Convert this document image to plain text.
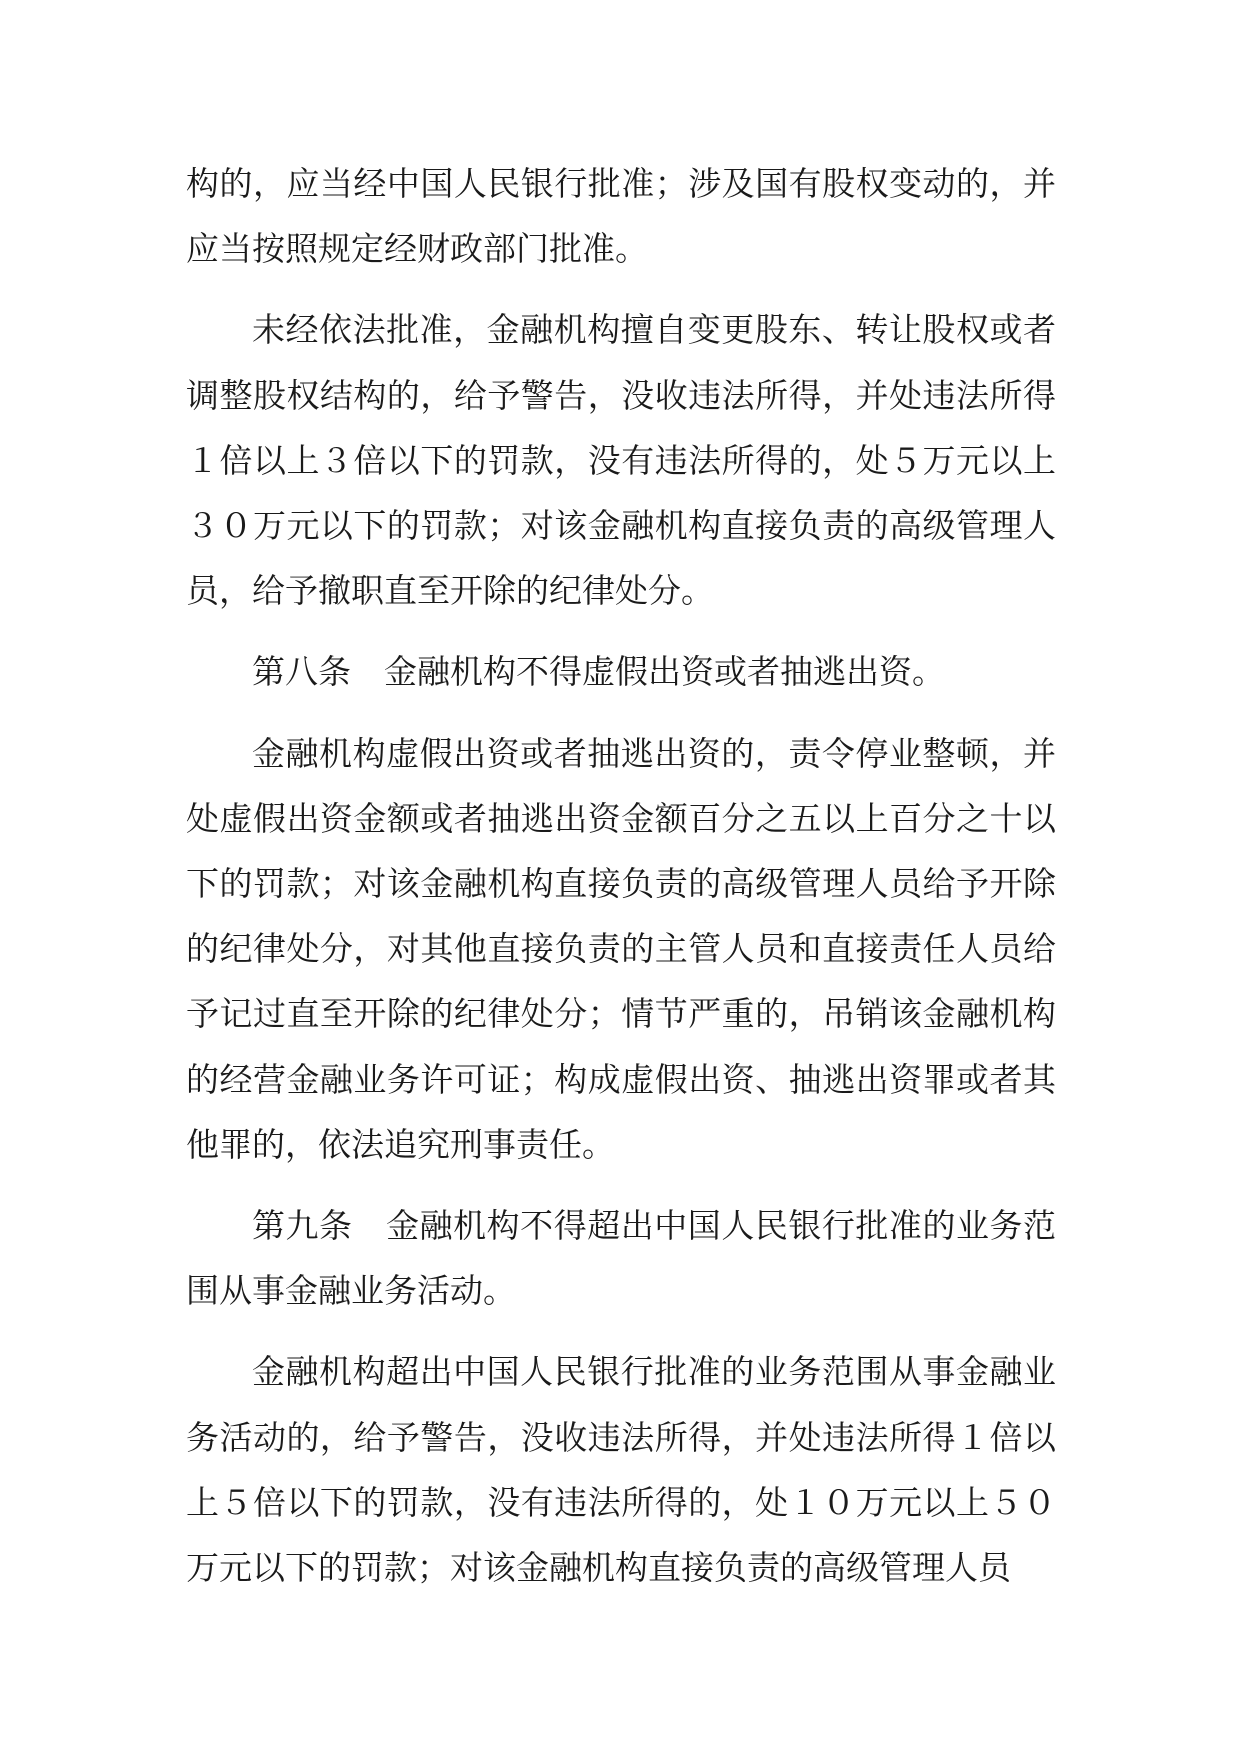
构的，应当经中国人民银行批准；涉及国有股权变动的，并应当按照规定经财政部门批准。

未经依法批准，金融机构擅自变更股东、转让股权或者调整股权结构的，给予警告，没收违法所得，并处违法所得１倍以上３倍以下的罚款，没有违法所得的，处５万元以上３０万元以下的罚款；对该金融机构直接负责的高级管理人员，给予撤职直至开除的纪律处分。

第八条 金融机构不得虚假出资或者抽逃出资。

金融机构虚假出资或者抽逃出资的，责令停业整顿，并处虚假出资金额或者抽逃出资金额百分之五以上百分之十以下的罚款；对该金融机构直接负责的高级管理人员给予开除的纪律处分，对其他直接负责的主管人员和直接责任人员给予记过直至开除的纪律处分；情节严重的，吊销该金融机构的经营金融业务许可证；构成虚假出资、抽逃出资罪或者其他罪的，依法追究刑事责任。

第九条 金融机构不得超出中国人民银行批准的业务范围从事金融业务活动。

金融机构超出中国人民银行批准的业务范围从事金融业务活动的，给予警告，没收违法所得，并处违法所得１倍以上５倍以下的罚款，没有违法所得的，处１０万元以上５０万元以下的罚款；对该金融机构直接负责的高级管理人员
